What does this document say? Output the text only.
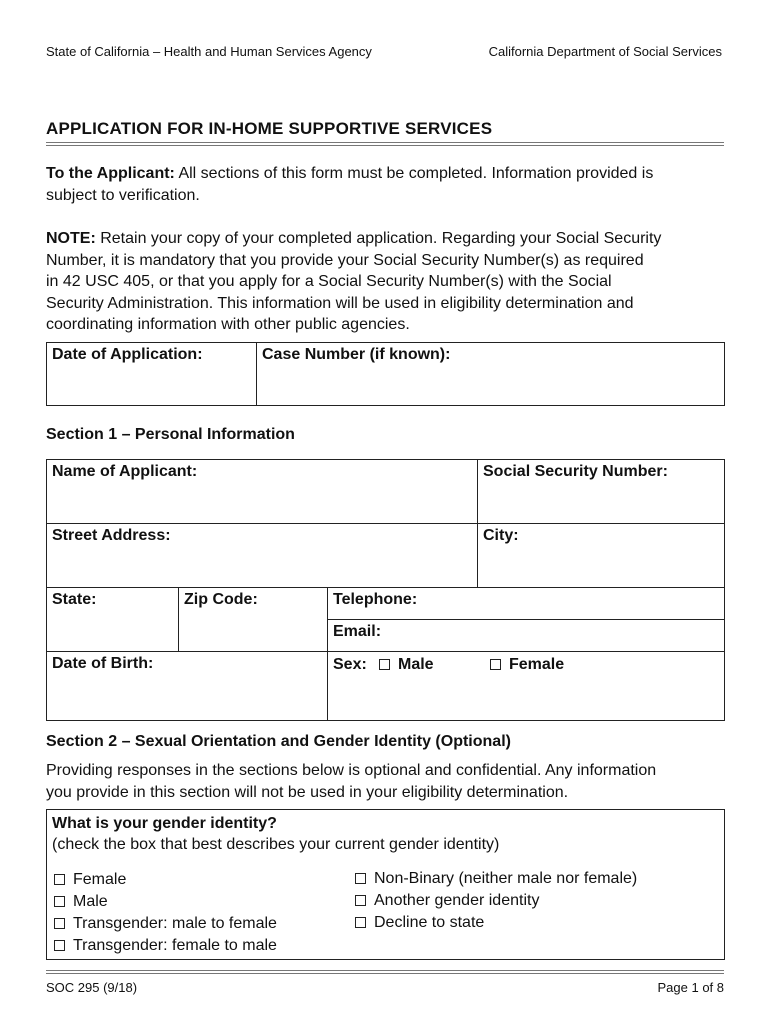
State of California – Health and Human Services Agency	California Department of Social Services
APPLICATION FOR IN-HOME SUPPORTIVE SERVICES
To the Applicant: All sections of this form must be completed. Information provided is
subject to verification.
NOTE: Retain your copy of your completed application. Regarding your Social Security
Number, it is mandatory that you provide your Social Security Number(s) as required
in 42 USC 405, or that you apply for a Social Security Number(s) with the Social
Security Administration. This information will be used in eligibility determination and
coordinating information with other public agencies.
Date of Application:	Case Number (if known):
Section 1 – Personal Information
Name of Applicant:	Social Security Number:
Street Address:	City:
State:	Zip Code:	Telephone:
Email:
Date of Birth:	Sex:	Male	Female
Section 2 – Sexual Orientation and Gender Identity (Optional)
Providing responses in the sections below is optional and confidential. Any information
you provide in this section will not be used in your eligibility determination.
What is your gender identity?
(check the box that best describes your current gender identity)
Female
Male
Transgender: male to female
Transgender: female to male
Non-Binary (neither male nor female)
Another gender identity
Decline to state
SOC 295 (9/18)	Page 1 of 8
